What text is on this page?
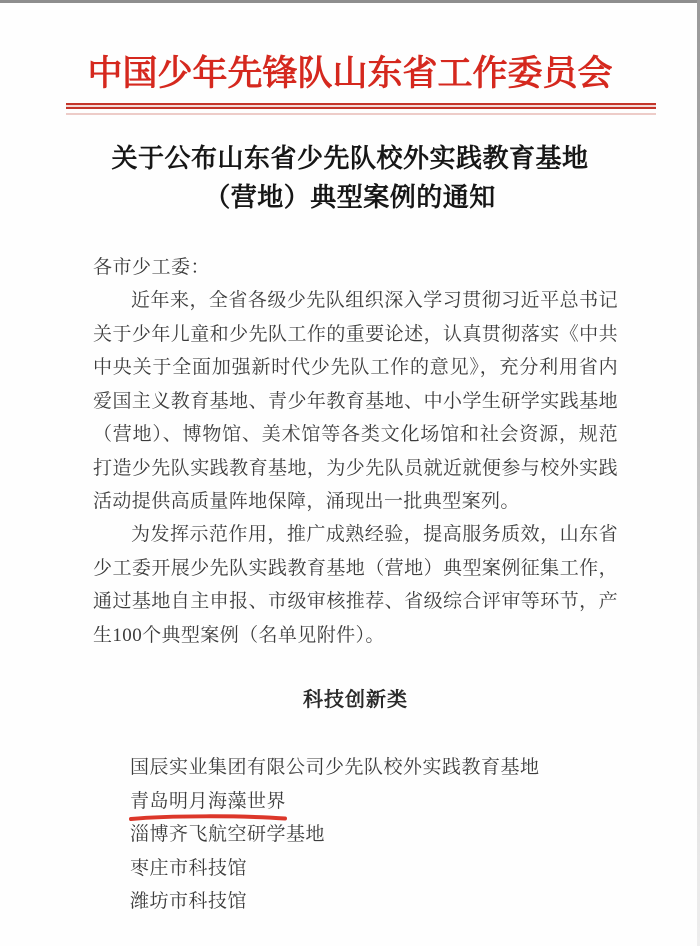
中国少年先锋队山东省工作委员会
关于公布山东省少先队校外实践教育基地
（营地）典型案例的通知
各市少工委：

近年来，全省各级少先队组织深入学习贯彻习近平总书记关于少年儿童和少先队工作的重要论述，认真贯彻落实《中共中央关于全面加强新时代少先队工作的意见》，充分利用省内爱国主义教育基地、青少年教育基地、中小学生研学实践基地（营地）、博物馆、美术馆等各类文化场馆和社会资源，规范打造少先队实践教育基地，为少先队员就近就便参与校外实践活动提供高质量阵地保障，涌现出一批典型案列。

为发挥示范作用，推广成熟经验，提高服务质效，山东省少工委开展少先队实践教育基地（营地）典型案例征集工作，通过基地自主申报、市级审核推荐、省级综合评审等环节，产生100个典型案例（名单见附件）。

科技创新类
国辰实业集团有限公司少先队校外实践教育基地
青岛明月海藻世界
淄博齐飞航空研学基地
枣庄市科技馆
潍坊市科技馆
